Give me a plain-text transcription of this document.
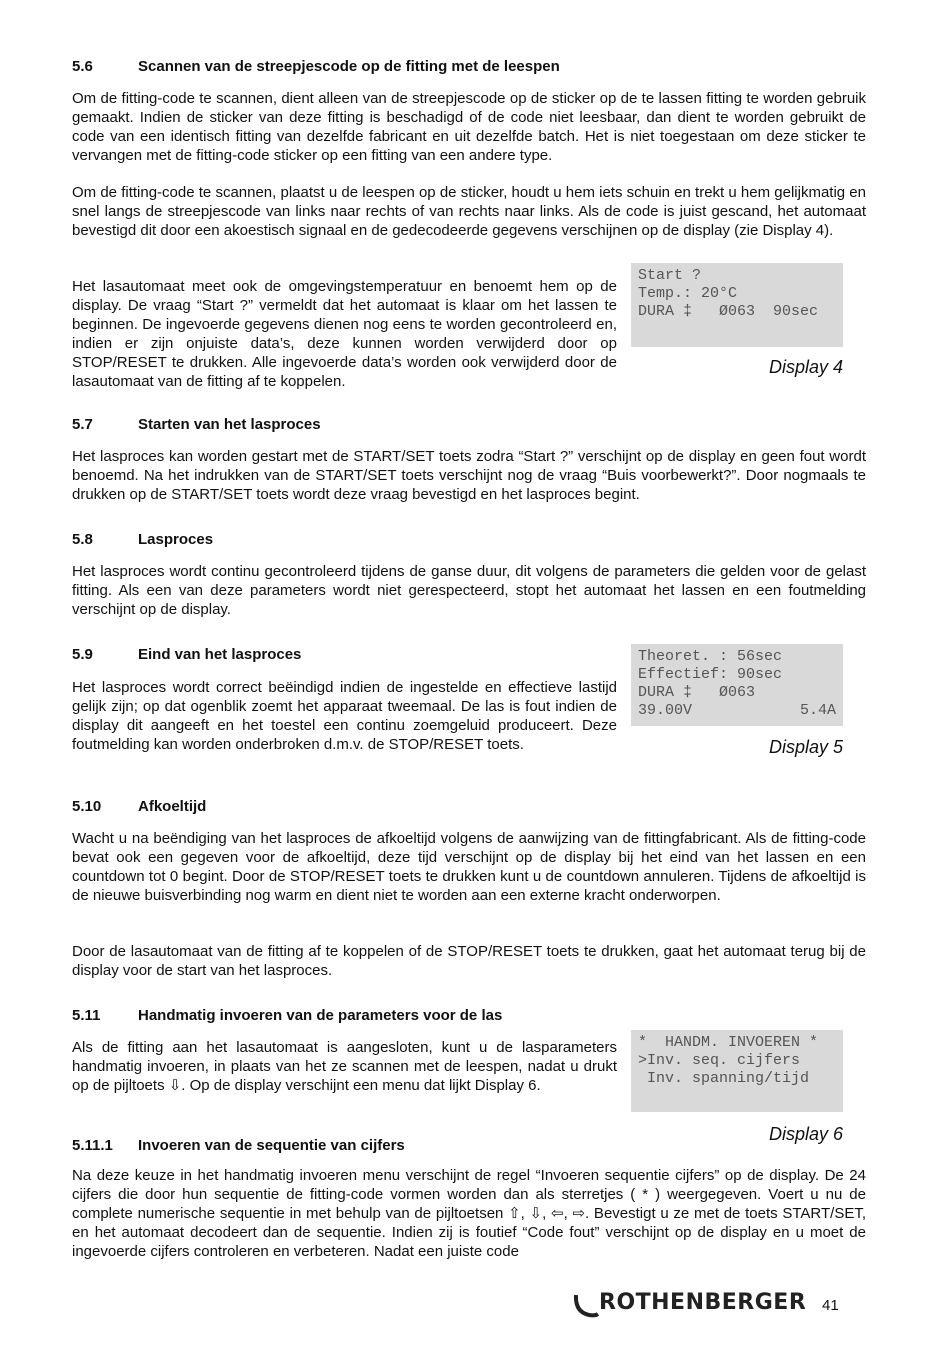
5.6	Scannen van de streepjescode op de fitting met de leespen
Om de fitting-code te scannen, dient alleen van de streepjescode op de sticker op de te lassen fitting te worden gebruik gemaakt. Indien de sticker van deze fitting is beschadigd of de code niet leesbaar, dan dient te worden gebruikt de code van een identisch fitting van dezelfde fabricant en uit dezelfde batch. Het is niet toegestaan om deze sticker te vervangen met de fitting-code sticker op een fitting van een andere type.
Om de fitting-code te scannen, plaatst u de leespen op de sticker, houdt u hem iets schuin en trekt u hem gelijkmatig en snel langs de streepjescode van links naar rechts of van rechts naar links. Als de code is juist gescand, het automaat bevestigd dit door een akoestisch signaal en de gedecodeerde gegevens verschijnen op de display (zie Display 4).
Het lasautomaat meet ook de omgevingstemperatuur en benoemt hem op de display. De vraag “Start ?” vermeldt dat het automaat is klaar om het lassen te beginnen. De ingevoerde gegevens dienen nog eens te worden gecontroleerd en, indien er zijn onjuiste data’s, deze kunnen worden verwijderd door op STOP/RESET te drukken. Alle ingevoerde data’s worden ook verwijderd door de lasautomaat van de fitting af te koppelen.
Start ?
Temp.: 20°C
DURA ‡   Ø063  90sec
Display 4
5.7	Starten van het lasproces
Het lasproces kan worden gestart met de START/SET toets zodra “Start ?” verschijnt op de display en geen fout wordt benoemd. Na het indrukken van de START/SET toets verschijnt nog de vraag “Buis voorbewerkt?”. Door nogmaals te drukken op de START/SET toets wordt deze vraag bevestigd en het lasproces begint.
5.8	Lasproces
Het lasproces wordt continu gecontroleerd tijdens de ganse duur, dit volgens de parameters die gelden voor de gelast fitting. Als een van deze parameters wordt niet gerespecteerd, stopt het automaat het lassen en een foutmelding verschijnt op de display.
5.9	Eind van het lasproces
Het lasproces wordt correct beëindigd indien de ingestelde en effectieve lastijd gelijk zijn; op dat ogenblik zoemt het apparaat tweemaal. De las is fout indien de display dit aangeeft en het toestel een continu zoemgeluid produceert. Deze foutmelding kan worden onderbroken d.m.v. de STOP/RESET toets.
Theoret. : 56sec
Effectief: 90sec
DURA ‡   Ø063
39.00V	5.4A
Display 5
5.10 Afkoeltijd
Wacht u na beëndiging van het lasproces de afkoeltijd volgens de aanwijzing van de fittingfabricant. Als de fitting-code bevat ook een gegeven voor de afkoeltijd, deze tijd verschijnt op de display bij het eind van het lassen en een countdown tot 0 begint. Door de STOP/RESET toets te drukken kunt u de countdown annuleren. Tijdens de afkoeltijd is de nieuwe buisverbinding nog warm en dient niet te worden aan een externe kracht onderworpen.
Door de lasautomaat van de fitting af te koppelen of de STOP/RESET toets te drukken, gaat het automaat terug bij de display voor de start van het lasproces.
5.11	Handmatig invoeren van de parameters voor de las
Als de fitting aan het lasautomaat is aangesloten, kunt u de lasparameters handmatig invoeren, in plaats van het ze scannen met de leespen, nadat u drukt op de pijltoets ⇩. Op de display verschijnt een menu dat lijkt Display 6.
*  HANDM. INVOEREN *
>Inv. seq. cijfers
Inv. spanning/tijd
Display 6
5.11.1 Invoeren van de sequentie van cijfers
Na deze keuze in het handmatig invoeren menu verschijnt de regel “Invoeren sequentie cijfers” op de display. De 24 cijfers die door hun sequentie de fitting-code vormen worden dan als sterretjes ( * ) weergegeven. Voert u nu de complete numerische sequentie in met behulp van de pijltoetsen ⇧, ⇩, ⇦, ⇨. Bevestigt u ze met de toets START/SET, en het automaat decodeert dan de sequentie. Indien zij is foutief “Code fout” verschijnt op de display en u moet de ingevoerde cijfers controleren en verbeteren. Nadat een juiste code
ROTHENBERGER 41
